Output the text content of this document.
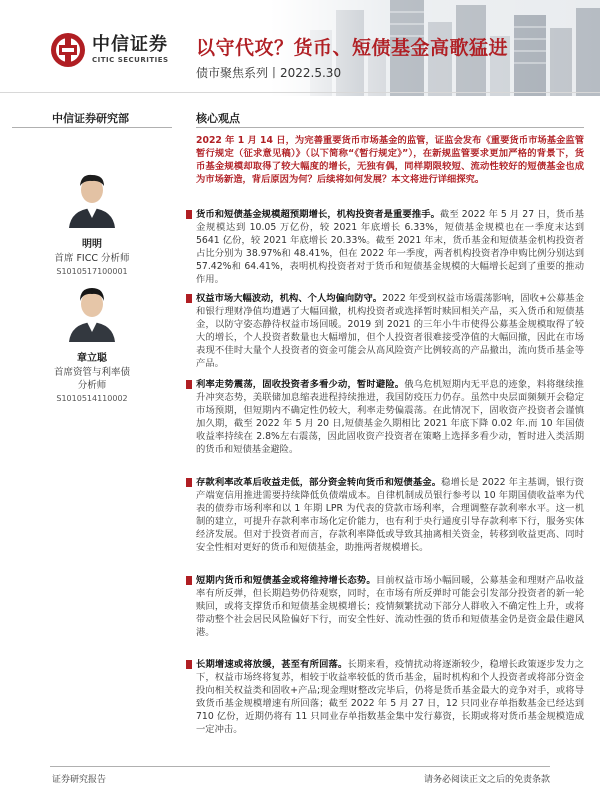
中信证券
CITIC SECURITIES
以守代攻？货币、短债基金高歌猛进
债市聚焦系列丨2022.5.30
中信证券研究部
明明
首席 FICC 分析师
S1010517100001
章立聪
首席资管与利率债
分析师
S1010514110002
核心观点
2022 年 1 月 14 日，为完善重要货币市场基金的监管，证监会发布《重要货币市场基金监管暂行规定（征求意见稿）》（以下简称“《暂行规定》”），在新规监管要求更加严格的背景下，货币基金规模却取得了较大幅度的增长，无独有偶，同样期限较短、流动性较好的短债基金也成为市场新造，背后原因为何？后续将如何发展？本文将进行详细探究。
货币和短债基金规模超预期增长，机构投资者是重要推手。截至 2022 年 5 月 27 日，货币基金规模达到 10.05 万亿份，较 2021 年底增长 6.33%，短债基金规模也在一季度末达到 5641 亿份，较 2021 年底增长 20.33%。截至 2021 年末，货币基金和短债基金机构投资者占比分别为 38.97%和 48.41%，但在 2022 年一季度，两者机构投资者净申购比例分别达到 57.42%和 64.41%，表明机构投资者对于货币和短债基金规模的大幅增长起到了重要的推动作用。
权益市场大幅波动，机构、个人均偏向防守。2022 年受到权益市场震荡影响，固收+公募基金和银行理财净值均遭遇了大幅回撤，机构投资者或选择暂时赎回相关产品，买入货币和短债基金，以防守姿态静待权益市场回暖。2019 到 2021 的三年小牛市使得公募基金规模取得了较大的增长，个人投资者数量也大幅增加，但个人投资者很难接受净值的大幅回撤，因此在市场表现不佳时大量个人投资者的资金可能会从高风险资产比例较高的产品撤出，流向货币基金等产品。
利率走势震荡，固收投资者多看少动，暂时避险。俄乌危机短期内无平息的迹象，料将继续推升冲突态势，美联储加息缩表进程持续推进，我国防疫压力仍存。虽然中央层面频频开会稳定市场预期，但短期内不确定性仍较大，利率走势偏震荡。在此情况下，固收资产投资者会谨慎加久期，截至 2022 年 5 月 20 日,短债基金久期相比 2021 年底下降 0.02 年.而 10 年国债收益率持续在 2.8%左右震荡，因此固收资产投资者在策略上选择多看少动，暂时进入类活期的货币和短债基金避险。
存款利率改革后收益走低，部分资金转向货币和短债基金。稳增长是 2022 年主基调，银行资产端宽信用推进需要持续降低负债端成本。自律机制成员银行参考以 10 年期国债收益率为代表的债券市场利率和以 1 年期 LPR 为代表的贷款市场利率，合理调整存款利率水平。这一机制的建立，可提升存款利率市场化定价能力，也有利于央行通度引导存款利率下行，服务实体经济发展。但对于投资者而言，存款利率降低或导致其抽离相关资金，转移到收益更高、同时安全性相对更好的货币和短债基金，助推两者规模增长。
短期内货币和短债基金或将维持增长态势。目前权益市场小幅回暖，公募基金和理财产品收益率有所反弹，但长期趋势仍待观察，同时，在市场有所反弹时可能会引发部分投资者的新一轮赎回，或将支撑货币和短债基金规模增长；疫情频繁扰动下部分人群收入不确定性上升，或将带动整个社会居民风险偏好下行，而安全性好、流动性强的货币和短债基金仍是资金最佳避风港。
长期增速或将放缓，甚至有所回落。长期来看，疫情扰动将逐渐较少，稳增长政策逐步发力之下，权益市场终将复苏，相较于收益率较低的货币基金，届时机构和个人投资者或将部分资金投向相关权益类和固收+产品;现金理财整改完毕后，仍将是货币基金最大的竞争对手，或将导致货币基金规模增速有所回落；截至 2022 年 5 月 27 日，12 只同业存单指数基金已经达到 710 亿份，近期仍将有 11 只同业存单指数基金集中发行募资，长期或将对货币基金规模造成一定冲击。
证券研究报告	请务必阅读正文之后的免责条款
